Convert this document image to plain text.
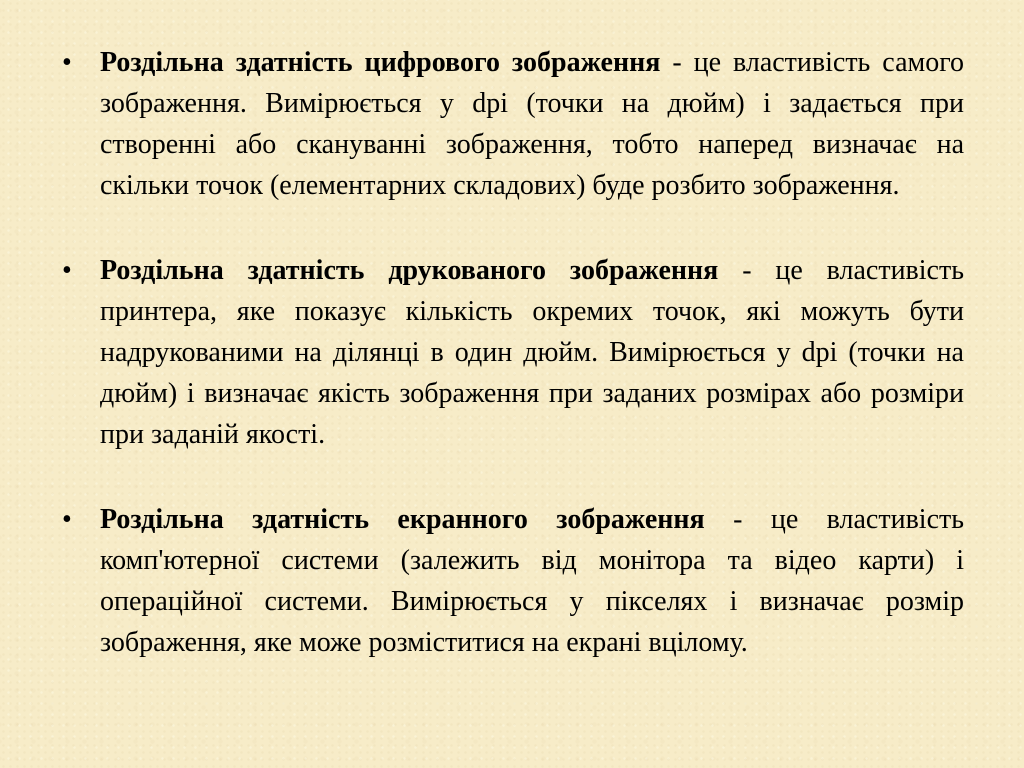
• Роздільна здатність цифрового зображення - це властивість самого зображення. Вимірюється у dpi (точки на дюйм) і задається при створенні або скануванні зображення, тобто наперед визначає на скільки точок (елементарних складових) буде розбито зображення.

• Роздільна здатність друкованого зображення - це властивість принтера, яке показує кількість окремих точок, які можуть бути надрукованими на ділянці в один дюйм. Вимірюється у dpi (точки на дюйм) і визначає якість зображення при заданих розмірах або розміри при заданій якості.

• Роздільна здатність екранного зображення - це властивість комп'ютерної системи (залежить від монітора та відео карти) і операційної системи. Вимірюється у пікселях і визначає розмір зображення, яке може розміститися на екрані вцілому.
